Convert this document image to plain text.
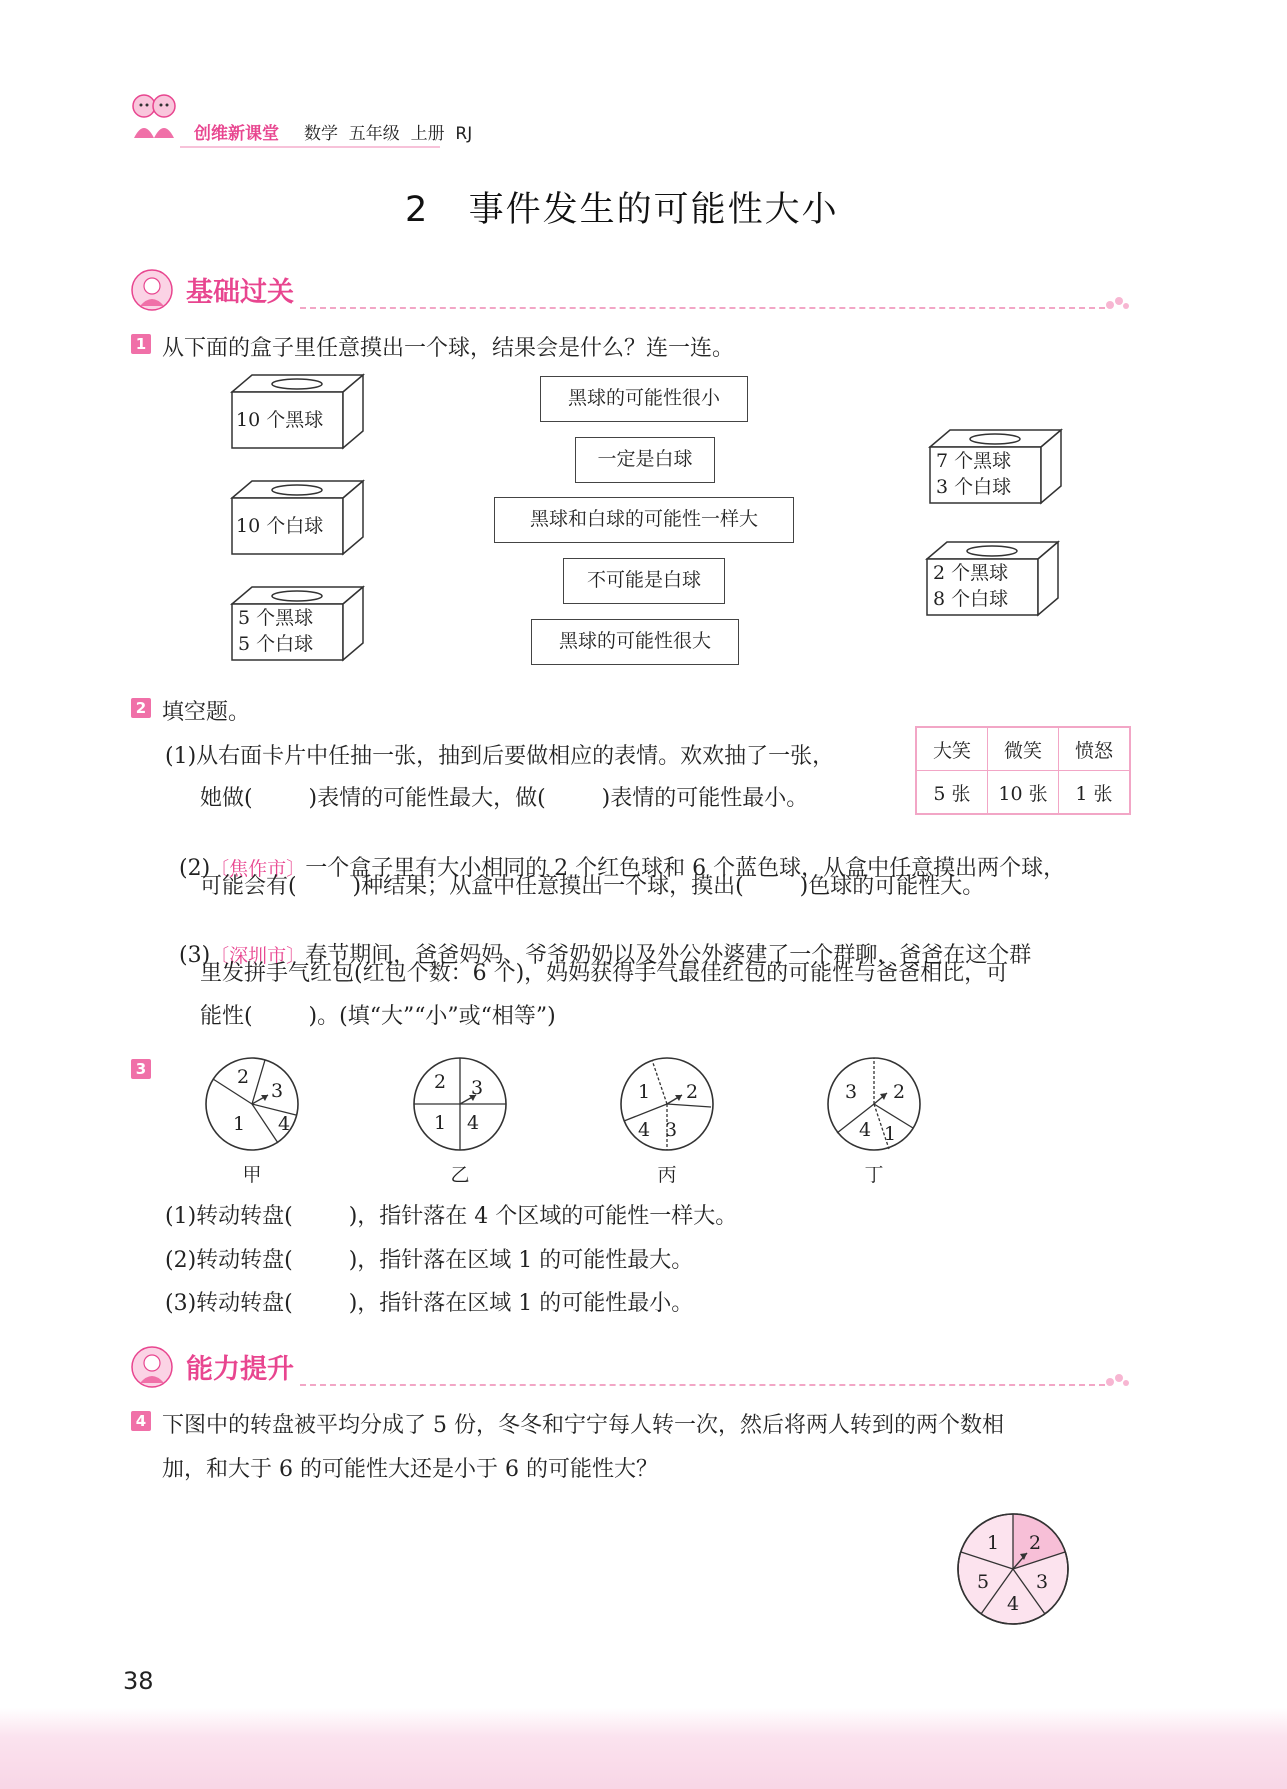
创维新课堂 数学  五年级  上册  RJ
2   事件发生的可能性大小
基础过关
1 从下面的盒子里任意摸出一个球，结果会是什么？连一连。
10 个黑球
10 个白球
5 个黑球
5 个白球
黑球的可能性很小
一定是白球
黑球和白球的可能性一样大
不可能是白球
黑球的可能性很大
7 个黑球
3 个白球
2 个黑球
8 个白球
2 填空题。
(1)从右面卡片中任抽一张，抽到后要做相应的表情。欢欢抽了一张，
她做(        )表情的可能性最大，做(        )表情的可能性最小。
大笑	微笑	愤怒
5 张	10 张	1 张

(2)〔焦作市〕一个盒子里有大小相同的 2 个红色球和 6 个蓝色球，从盒中任意摸出两个球，

可能会有(        )种结果；从盒中任意摸出一个球，摸出(        )色球的可能性大。

(3)〔深圳市〕春节期间，爸爸妈妈、爷爷奶奶以及外公外婆建了一个群聊，爸爸在这个群

里发拼手气红包(红包个数：6 个)，妈妈获得手气最佳红包的可能性与爸爸相比，可
能性(        )。(填“大”“小”或“相等”)
3	2
3
1	4
甲
2	3
1	4
乙
1	2
4 3
丙
3	2
4 1
丁
(1)转动转盘(        )，指针落在 4 个区域的可能性一样大。
(2)转动转盘(        )，指针落在区域 1 的可能性最大。
(3)转动转盘(        )，指针落在区域 1 的可能性最小。
能力提升
4 下图中的转盘被平均分成了 5 份，冬冬和宁宁每人转一次，然后将两人转到的两个数相
加，和大于 6 的可能性大还是小于 6 的可能性大？
1	2
3
4
5
38
